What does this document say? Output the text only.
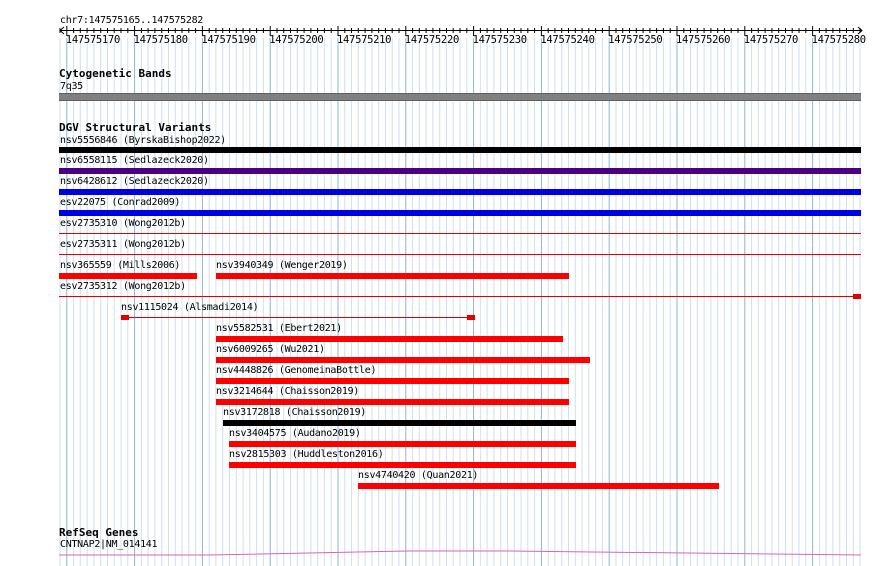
chr7:147575165..147575282
147575170 147575180 147575190 147575200 147575210 147575220 147575230 147575240 147575250 147575260 147575270 147575280
Cytogenetic Bands
7q35
DGV Structural Variants
nsv5556846 (ByrskaBishop2022)
nsv6558115 (Sedlazeck2020)
nsv6428612 (Sedlazeck2020)
esv22075 (Conrad2009)
esv2735310 (Wong2012b)
esv2735311 (Wong2012b)
nsv365559 (Mills2006)	nsv3940349 (Wenger2019)
esv2735312 (Wong2012b)
nsv1115024 (Alsmadi2014)
nsv5582531 (Ebert2021)
nsv6009265 (Wu2021)
nsv4448826 (GenomeinaBottle)
nsv3214644 (Chaisson2019)
nsv3172818 (Chaisson2019)
nsv3404575 (Audano2019)
nsv2815303 (Huddleston2016)
nsv4740420 (Quan2021)
RefSeq Genes
CNTNAP2|NM_014141
